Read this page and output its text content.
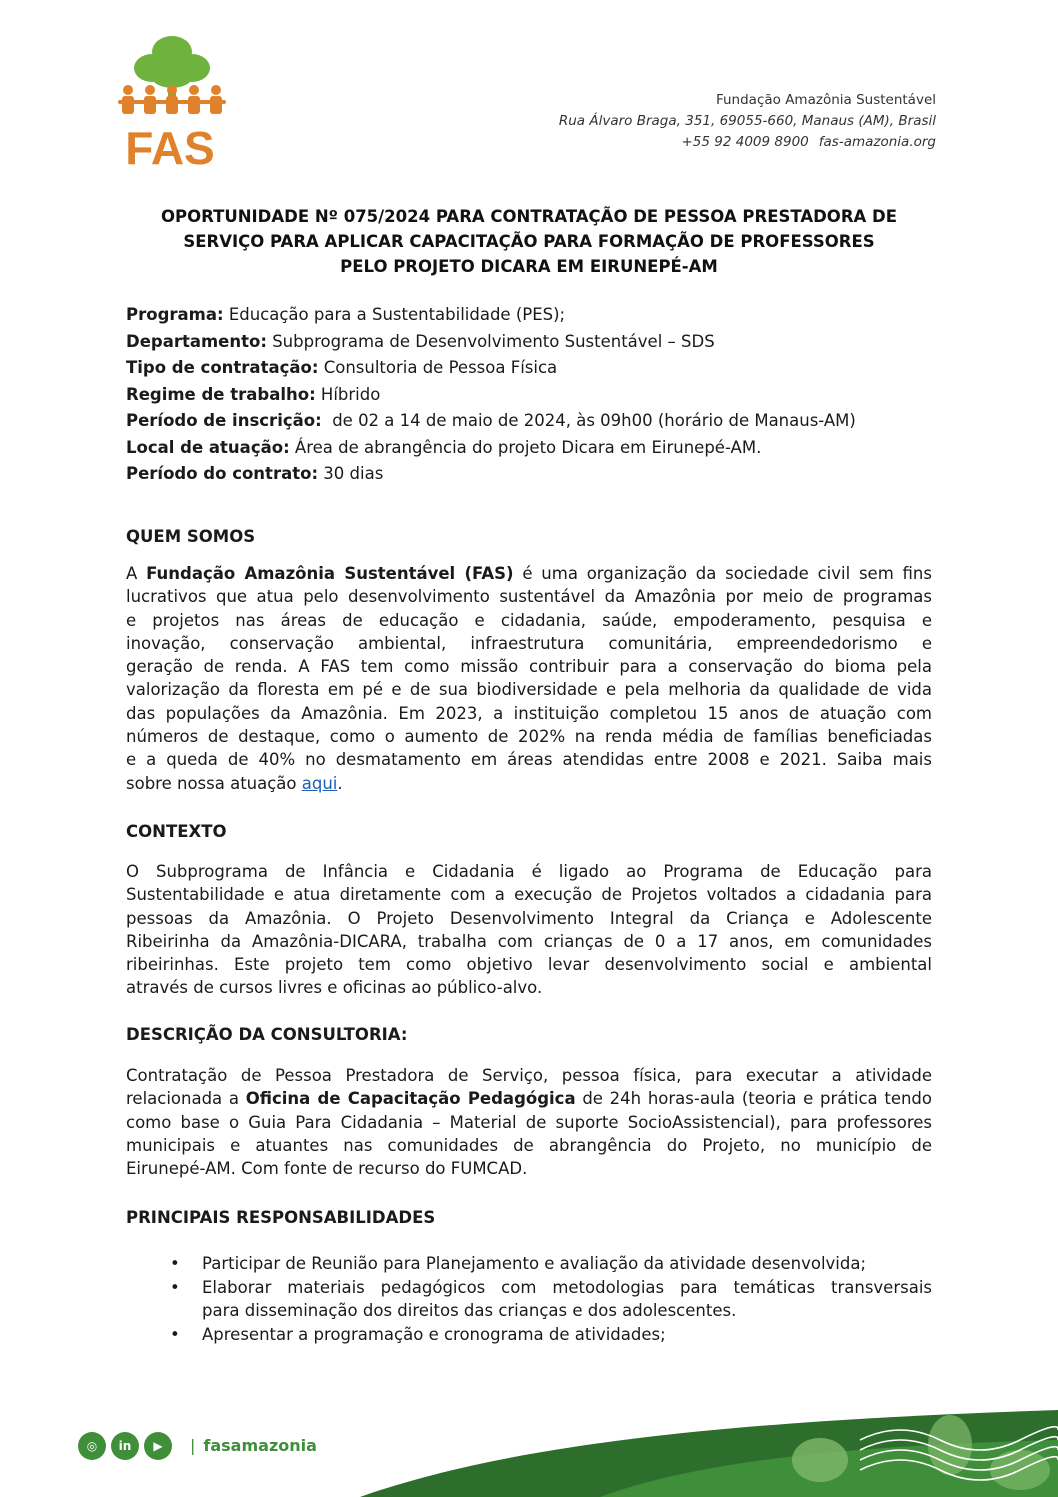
FAS
Fundação Amazônia Sustentável
Rua Álvaro Braga, 351, 69055-660, Manaus (AM), Brasil
+55 92 4009 8900 fas-amazonia.org
OPORTUNIDADE Nº 075/2024 PARA CONTRATAÇÃO DE PESSOA PRESTADORA DE
SERVIÇO PARA APLICAR CAPACITAÇÃO PARA FORMAÇÃO DE PROFESSORES
PELO PROJETO DICARA EM EIRUNEPÉ-AM
Programa: Educação para a Sustentabilidade (PES);
Departamento: Subprograma de Desenvolvimento Sustentável – SDS
Tipo de contratação: Consultoria de Pessoa Física
Regime de trabalho: Híbrido
Período de inscrição:  de 02 a 14 de maio de 2024, às 09h00 (horário de Manaus-AM)
Local de atuação: Área de abrangência do projeto Dicara em Eirunepé-AM.
Período do contrato: 30 dias
QUEM SOMOS
A Fundação Amazônia Sustentável (FAS) é uma organização da sociedade civil sem fins
lucrativos que atua pelo desenvolvimento sustentável da Amazônia por meio de programas
e projetos nas áreas de educação e cidadania, saúde, empoderamento, pesquisa e
inovação, conservação ambiental, infraestrutura comunitária, empreendedorismo e
geração de renda. A FAS tem como missão contribuir para a conservação do bioma pela
valorização da floresta em pé e de sua biodiversidade e pela melhoria da qualidade de vida
das populações da Amazônia. Em 2023, a instituição completou 15 anos de atuação com
números de destaque, como o aumento de 202% na renda média de famílias beneficiadas
e a queda de 40% no desmatamento em áreas atendidas entre 2008 e 2021. Saiba mais
sobre nossa atuação aqui.
CONTEXTO
O Subprograma de Infância e Cidadania é ligado ao Programa de Educação para
Sustentabilidade e atua diretamente com a execução de Projetos voltados a cidadania para
pessoas da Amazônia. O Projeto Desenvolvimento Integral da Criança e Adolescente
Ribeirinha da Amazônia-DICARA, trabalha com crianças de 0 a 17 anos, em comunidades
ribeirinhas. Este projeto tem como objetivo levar desenvolvimento social e ambiental
através de cursos livres e oficinas ao público-alvo.
DESCRIÇÃO DA CONSULTORIA:
Contratação de Pessoa Prestadora de Serviço, pessoa física, para executar a atividade
relacionada a Oficina de Capacitação Pedagógica de 24h horas-aula (teoria e prática tendo
como base o Guia Para Cidadania – Material de suporte SocioAssistencial), para professores
municipais e atuantes nas comunidades de abrangência do Projeto, no município de
Eirunepé-AM. Com fonte de recurso do FUMCAD.
PRINCIPAIS RESPONSABILIDADES
• Participar de Reunião para Planejamento e avaliação da atividade desenvolvida;
• Elaborar materiais pedagógicos com metodologias para temáticas transversais
para disseminação dos direitos das crianças e dos adolescentes.
• Apresentar a programação e cronograma de atividades;
◎	in	▶	| fasamazonia
